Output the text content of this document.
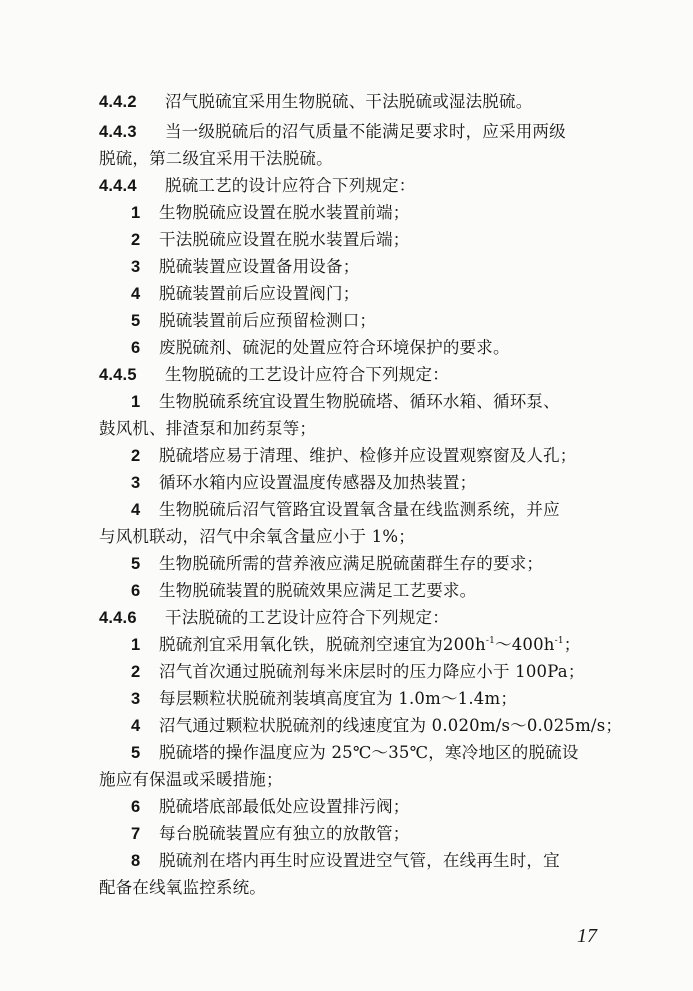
4.4.2 沼气脱硫宜采用生物脱硫、干法脱硫或湿法脱硫。
4.4.3 当一级脱硫后的沼气质量不能满足要求时，应采用两级
脱硫，第二级宜采用干法脱硫。
4.4.4 脱硫工艺的设计应符合下列规定：
1 生物脱硫应设置在脱水装置前端；
2 干法脱硫应设置在脱水装置后端；
3 脱硫装置应设置备用设备；
4 脱硫装置前后应设置阀门；
5 脱硫装置前后应预留检测口；
6 废脱硫剂、硫泥的处置应符合环境保护的要求。
4.4.5 生物脱硫的工艺设计应符合下列规定：
1 生物脱硫系统宜设置生物脱硫塔、循环水箱、循环泵、
鼓风机、排渣泵和加药泵等；
2 脱硫塔应易于清理、维护、检修并应设置观察窗及人孔；
3 循环水箱内应设置温度传感器及加热装置；
4 生物脱硫后沼气管路宜设置氧含量在线监测系统，并应
与风机联动，沼气中余氧含量应小于 1%；
5 生物脱硫所需的营养液应满足脱硫菌群生存的要求；
6 生物脱硫装置的脱硫效果应满足工艺要求。
4.4.6 干法脱硫的工艺设计应符合下列规定：
1 脱硫剂宜采用氧化铁，脱硫剂空速宜为$200h^{-1}\sim 400h^{-1}$；
2 沼气首次通过脱硫剂每米床层时的压力降应小于 100Pa；
3 每层颗粒状脱硫剂装填高度宜为 1.0m～1.4m；
4 沼气通过颗粒状脱硫剂的线速度宜为 0.020m/s～0.025m/s；
5 脱硫塔的操作温度应为 25℃～35℃，寒冷地区的脱硫设
施应有保温或采暖措施；
6 脱硫塔底部最低处应设置排污阀；
7 每台脱硫装置应有独立的放散管；
8 脱硫剂在塔内再生时应设置进空气管，在线再生时，宜
配备在线氧监控系统。
17
